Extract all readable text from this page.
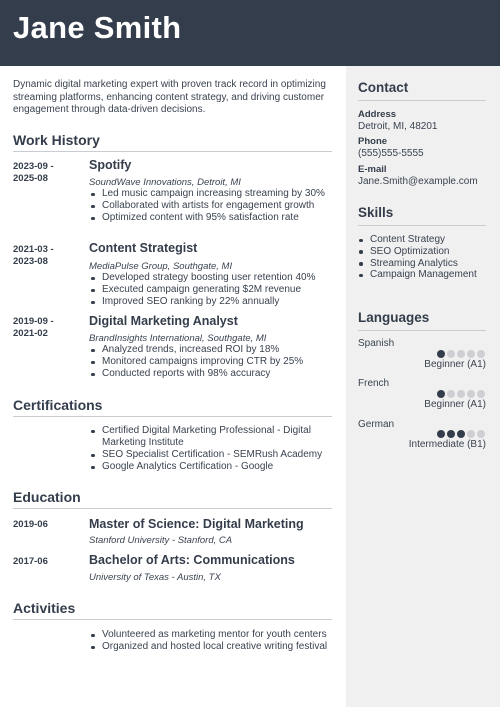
Jane Smith
Dynamic digital marketing expert with proven track record in optimizing streaming platforms, enhancing content strategy, and driving customer engagement through data-driven decisions.
Work History
2023-09 -
2025-08
Spotify
SoundWave Innovations, Detroit, MI
Led music campaign increasing streaming by 30%
Collaborated with artists for engagement growth
Optimized content with 95% satisfaction rate
2021-03 -
2023-08
Content Strategist
MediaPulse Group, Southgate, MI
Developed strategy boosting user retention 40%
Executed campaign generating $2M revenue
Improved SEO ranking by 22% annually
2019-09 -
2021-02
Digital Marketing Analyst
BrandInsights International, Southgate, MI
Analyzed trends, increased ROI by 18%
Monitored campaigns improving CTR by 25%
Conducted reports with 98% accuracy
Certifications
Certified Digital Marketing Professional - Digital Marketing Institute
SEO Specialist Certification - SEMRush Academy
Google Analytics Certification - Google
Education
2019-06	Master of Science: Digital Marketing
Stanford University - Stanford, CA
2017-06	Bachelor of Arts: Communications
University of Texas - Austin, TX
Activities
Volunteered as marketing mentor for youth centers
Organized and hosted local creative writing festival
Contact
Address
Detroit, MI, 48201
Phone
(555)555-5555
E-mail
Jane.Smith@example.com
Skills
Content Strategy
SEO Optimization
Streaming Analytics
Campaign Management
Languages
Spanish
Beginner (A1)
French
Beginner (A1)
German
Intermediate (B1)
